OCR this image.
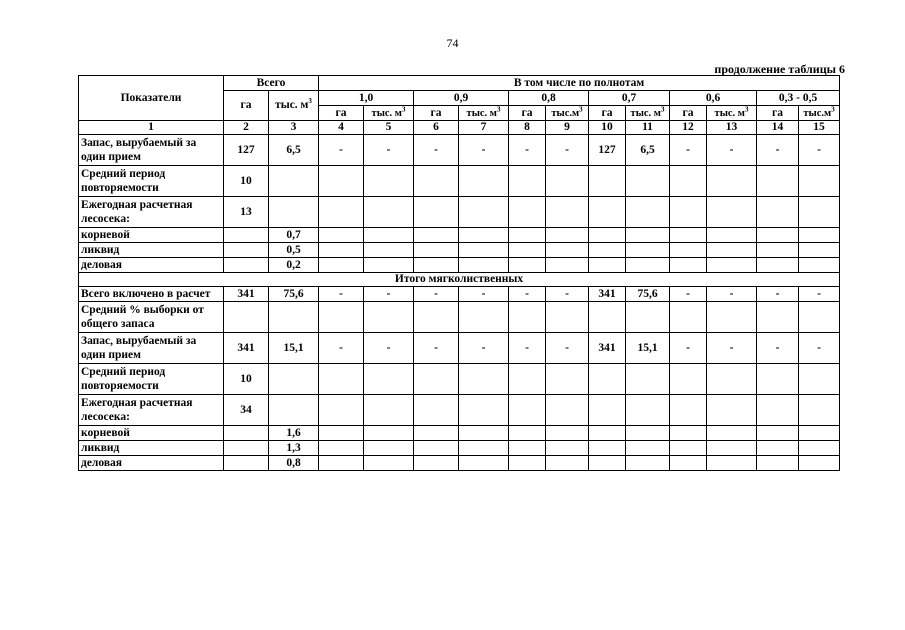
74
продолжение таблицы 6
Показатели	Всего		В том числе по полнотам											
	га	тыс. $м^3$	1,0		0,9		0,8		0,7		0,6		0,3 - 0,5	
			га	тыс. $м^3$	га	тыс. $м^3$	га	$тыс.м^3$	га	тыс. $м^3$	га	тыс. $м^3$	га	$тыс.м^3$
1	2	3	4	5	6	7	8	9	10	11	12	13	14	15
Запас, вырубаемый за один прием	127	6,5	-	-	-	-	-	-	127	6,5	-	-	-	-
Средний период повторяемости	10													
Ежегодная расчетная лесосека:	13													
корневой		0,7												
ликвид		0,5												
деловая		0,2												
Итого мягколиственных														
Всего включено в расчет	341	75,6	-	-	-	-	-	-	341	75,6	-	-	-	-
Средний % выборки от общего запаса														
Запас, вырубаемый за один прием	341	15,1	-	-	-	-	-	-	341	15,1	-	-	-	-
Средний период повторяемости	10													
Ежегодная расчетная лесосека:	34													
корневой		1,6												
ликвид		1,3												
деловая		0,8												
